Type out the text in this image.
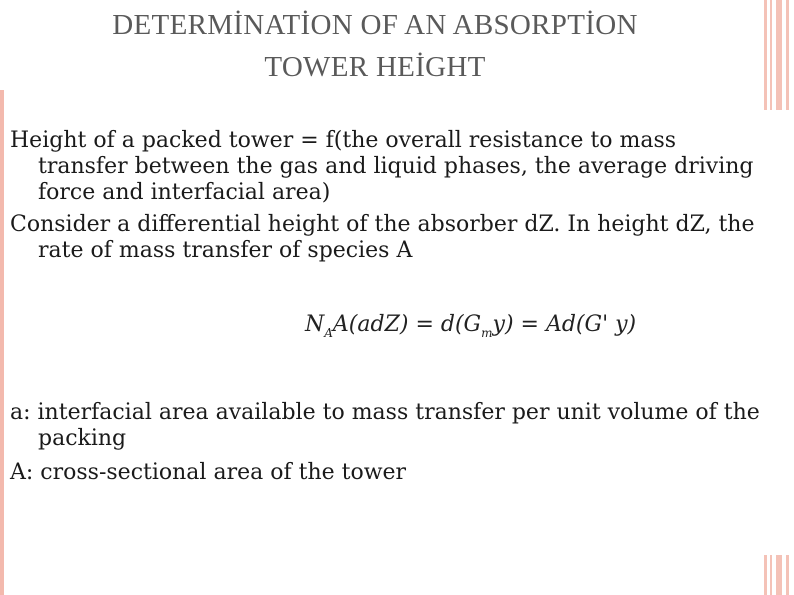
DETERMİNATİON OF AN ABSORPTİON
TOWER HEİGHT

Height of a packed tower = f(the overall resistance to mass transfer between the gas and liquid phases, the average driving force and interfacial area)

Consider a differential height of the absorber dZ. In height dZ, the rate of mass transfer of species A

$N_AA(adZ) = d(G_my) = Ad(G'$ y)

a: interfacial area available to mass transfer per unit volume of the packing

A: cross-sectional area of the tower
